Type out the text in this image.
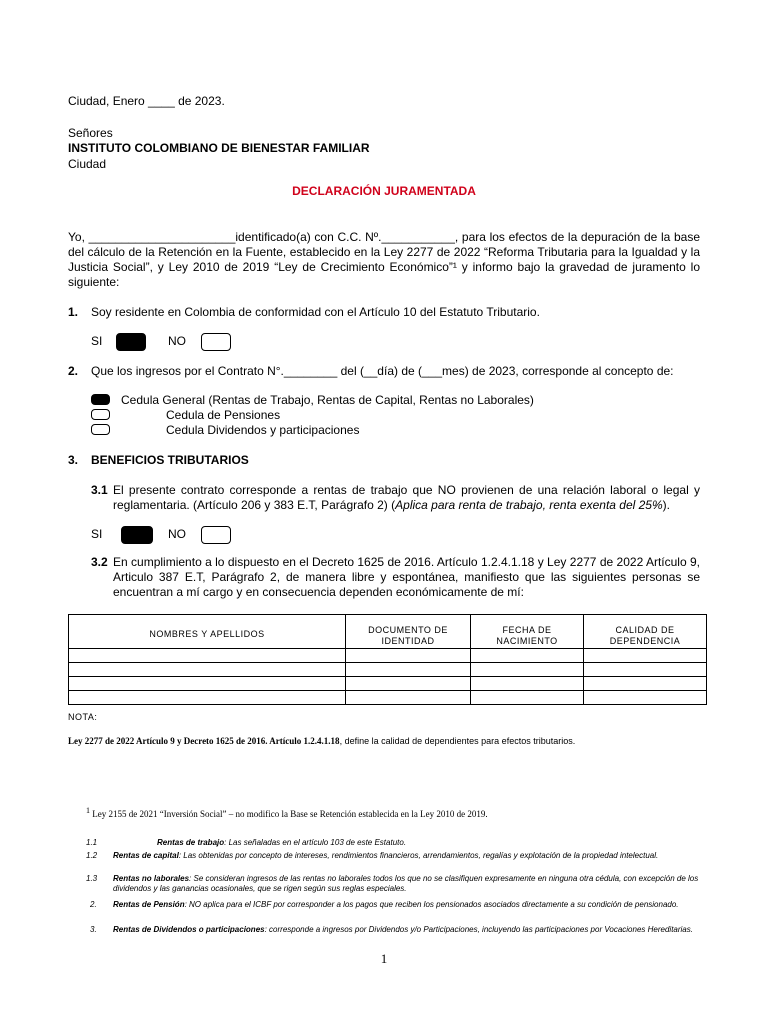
Ciudad, Enero ____ de 2023.
Señores
INSTITUTO COLOMBIANO DE BIENESTAR FAMILIAR
Ciudad
DECLARACIÓN JURAMENTADA
Yo, ______________________identificado(a) con C.C. Nº.___________, para los efectos de la depuración de la base del cálculo de la Retención en la Fuente, establecido en la Ley 2277 de 2022 “Reforma Tributaria para la Igualdad y la Justicia Social”, y Ley 2010 de 2019 “Ley de Crecimiento Económico”¹ y informo bajo la gravedad de juramento lo siguiente:
1. Soy residente en Colombia de conformidad con el Artículo 10 del Estatuto Tributario.
SI	NO
2. Que los ingresos por el Contrato N°.________ del (__día) de (___mes) de 2023, corresponde al concepto de:
Cedula General (Rentas de Trabajo, Rentas de Capital, Rentas no Laborales)
Cedula de Pensiones
Cedula Dividendos y participaciones
3. BENEFICIOS TRIBUTARIOS
3.1 El presente contrato corresponde a rentas de trabajo que NO provienen de una relación laboral o legal y reglamentaria. (Artículo 206 y 383 E.T, Parágrafo 2) (Aplica para renta de trabajo, renta exenta del 25%).
SI	NO
3.2 En cumplimiento a lo dispuesto en el Decreto 1625 de 2016. Artículo 1.2.4.1.18 y Ley 2277 de 2022 Artículo 9, Articulo 387 E.T, Parágrafo 2, de manera libre y espontánea, manifiesto que las siguientes personas se encuentran a mí cargo y en consecuencia dependen económicamente de mí:
NOMBRES Y APELLIDOS	DOCUMENTO DE IDENTIDAD	FECHA DE NACIMIENTO	CALIDAD DE DEPENDENCIA

NOTA:
Ley 2277 de 2022 Artículo 9 y Decreto 1625 de 2016. Artículo 1.2.4.1.18, define la calidad de dependientes para efectos tributarios.
$^1$ Ley 2155 de 2021 “Inversión Social” – no modifico la Base se Retención establecida en la Ley 2010 de 2019.
1.1	Rentas de trabajo: Las señaladas en el artículo 103 de este Estatuto.
1.2 Rentas de capital: Las obtenidas por concepto de intereses, rendimientos financieros, arrendamientos, regalías y explotación de la propiedad intelectual.
1.3 Rentas no laborales: Se consideran ingresos de las rentas no laborales todos los que no se clasifiquen expresamente en ninguna otra cédula, con excepción de los dividendos y las ganancias ocasionales, que se rigen según sus reglas especiales.
2. Rentas de Pensión: NO aplica para el ICBF por corresponder a los pagos que reciben los pensionados asociados directamente a su condición de pensionado.
3. Rentas de Dividendos o participaciones: corresponde a ingresos por Dividendos y/o Participaciones, incluyendo las participaciones por Vocaciones Hereditarias.
1
